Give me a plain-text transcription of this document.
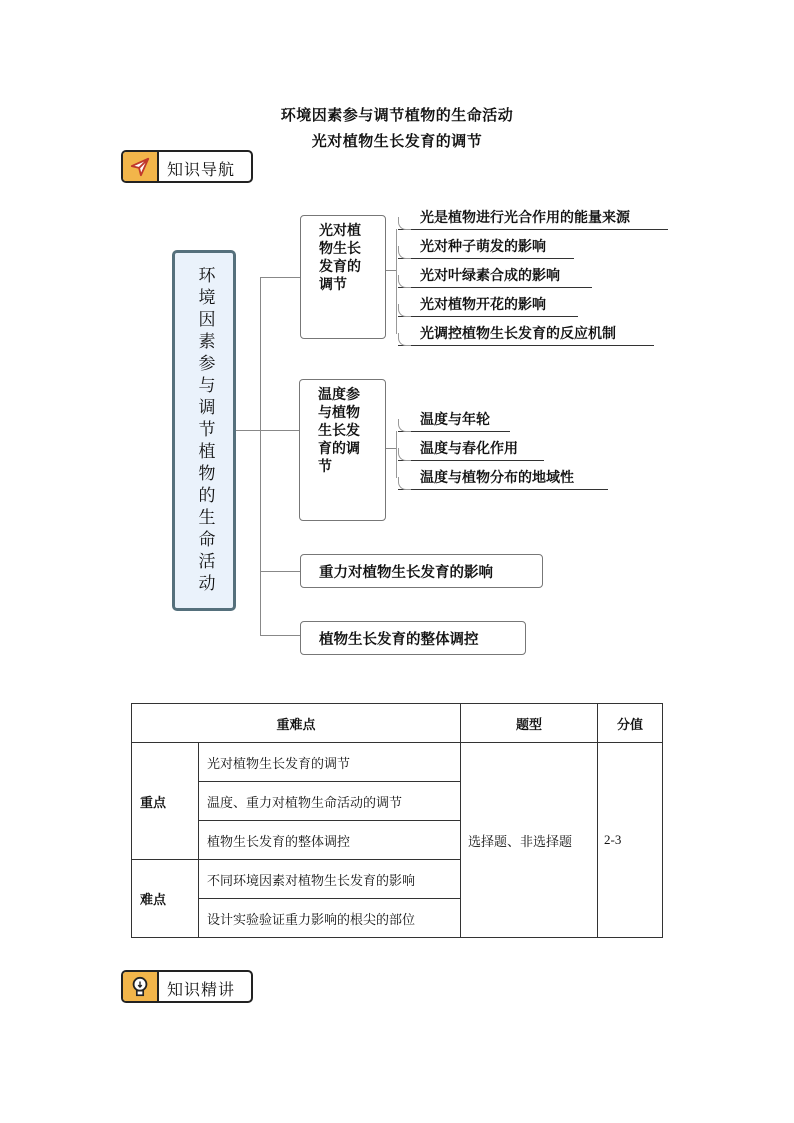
环境因素参与调节植物的生命活动
光对植物生长发育的调节
知识导航
环境因素参与调节植物的生命活动
光对植物生长发育的调节
光是植物进行光合作用的能量来源
光对种子萌发的影响
光对叶绿素合成的影响
光对植物开花的影响
光调控植物生长发育的反应机制
温度参与植物生长发育的调节
温度与年轮
温度与春化作用
温度与植物分布的地域性
重力对植物生长发育的影响
植物生长发育的整体调控
重难点		题型	分值
重点	光对植物生长发育的调节	选择题、非选择题	2-3
	温度、重力对植物生命活动的调节		
	植物生长发育的整体调控		
难点	不同环境因素对植物生长发育的影响		
	设计实验验证重力影响的根尖的部位		
知识精讲
